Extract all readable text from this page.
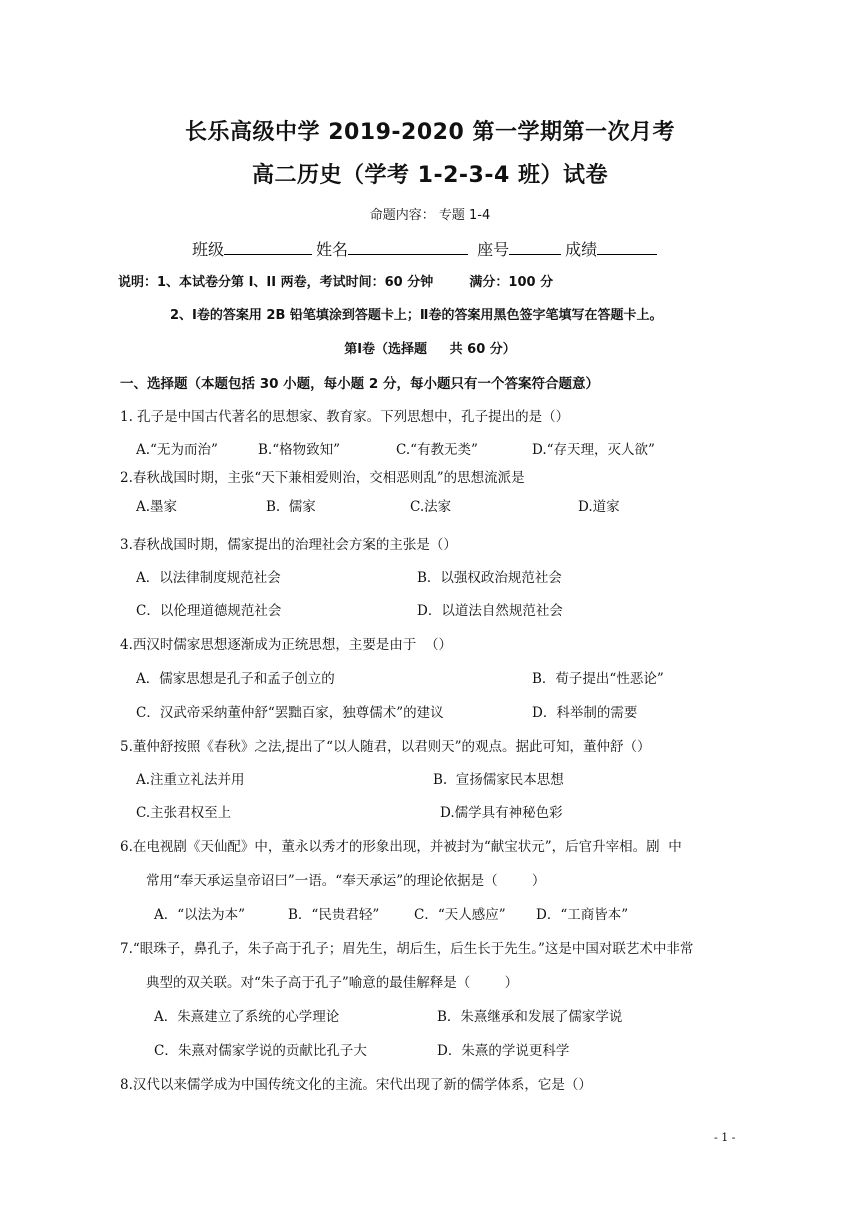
长乐高级中学 2019-2020 第一学期第一次月考
高二历史（学考 1-2-3-4 班）试卷
命题内容： 专题 1-4
班级	姓名	座号	成绩
说明：1、本试卷分第 I、II 两卷，考试时间：60 分钟        满分：100 分
2、Ⅰ卷的答案用 2B 铅笔填涂到答题卡上；Ⅱ卷的答案用黑色签字笔填写在答题卡上。
第Ⅰ卷（选择题     共 60 分）
一、选择题（本题包括 30 小题，每小题 2 分，每小题只有一个答案符合题意）
1. 孔子是中国古代著名的思想家、教育家。下列思想中，孔子提出的是（）
A.“无为而治”	B.“格物致知”	C.“有教无类”	D.“存天理，灭人欲”
2.春秋战国时期，主张“天下兼相爱则治，交相恶则乱”的思想流派是
A.墨家	B.  儒家	C.法家	D.道家
3.春秋战国时期，儒家提出的治理社会方案的主张是（）
A．以法律制度规范社会	B．以强权政治规范社会
C．以伦理道德规范社会	D．以道法自然规范社会
4.西汉时儒家思想逐渐成为正统思想，主要是由于  （）
A．儒家思想是孔子和孟子创立的	B．荀子提出“性恶论”
C．汉武帝采纳董仲舒“罢黜百家，独尊儒术”的建议	D．科举制的需要
5.董仲舒按照《春秋》之法,提出了“以人随君，以君则天”的观点。据此可知，董仲舒（）
A.注重立礼法并用	B.  宣扬儒家民本思想
C.主张君权至上	D.儒学具有神秘色彩
6.在电视剧《天仙配》中，董永以秀才的形象出现，并被封为“献宝状元”，后官升宰相。剧  中
常用“奉天承运皇帝诏曰”一语。“奉天承运”的理论依据是（        ）
A．“以法为本”	B．“民贵君轻”	C．“天人感应” D．“工商皆本”
7.“眼珠子，鼻孔子，朱子高于孔子；眉先生，胡后生，后生长于先生。”这是中国对联艺术中非常
典型的双关联。对“朱子高于孔子”喻意的最佳解释是（        ）
A．朱熹建立了系统的心学理论	B．朱熹继承和发展了儒家学说
C．朱熹对儒家学说的贡献比孔子大	D．朱熹的学说更科学
8.汉代以来儒学成为中国传统文化的主流。宋代出现了新的儒学体系，它是（）
- 1 -
